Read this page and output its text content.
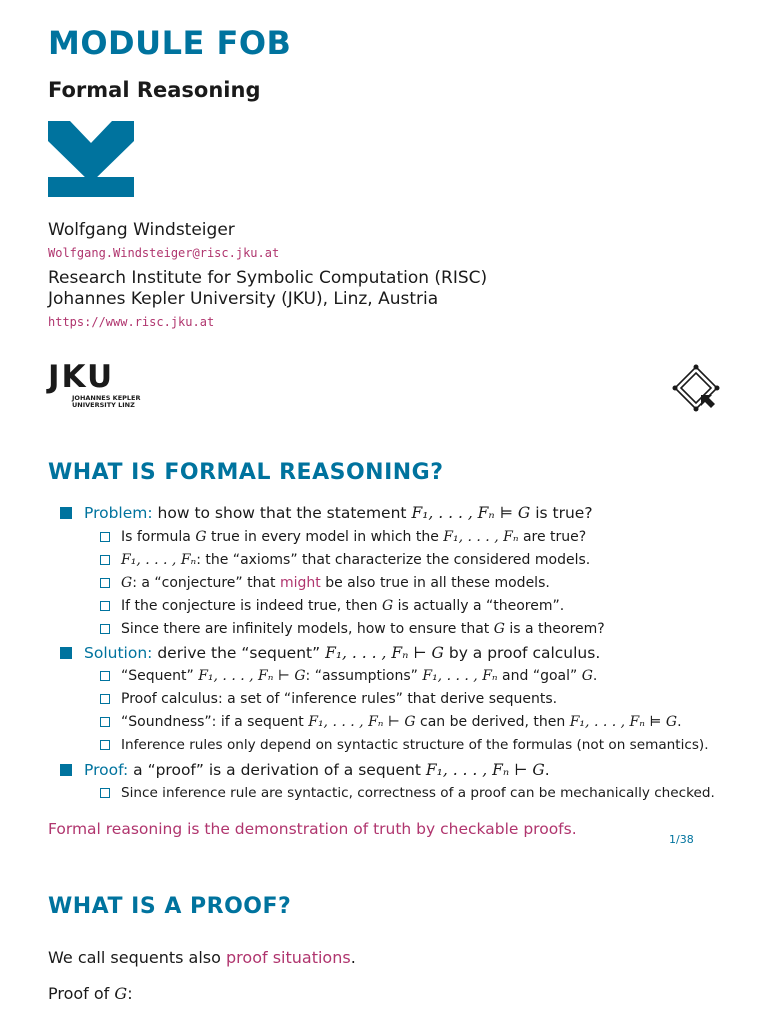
MODULE FOB
Formal Reasoning
Wolfgang Windsteiger
Wolfgang.Windsteiger@risc.jku.at
Research Institute for Symbolic Computation (RISC)
Johannes Kepler University (JKU), Linz, Austria
https://www.risc.jku.at
JKU
JOHANNES KEPLER
UNIVERSITY LINZ
WHAT IS FORMAL REASONING?
Problem: how to show that the statement F₁, . . . , Fₙ ⊨ G is true?
Is formula G true in every model in which the F₁, . . . , Fₙ are true?
F₁, . . . , Fₙ: the “axioms” that characterize the considered models.
G: a “conjecture” that might be also true in all these models.
If the conjecture is indeed true, then G is actually a “theorem”.
Since there are infinitely models, how to ensure that G is a theorem?
Solution: derive the “sequent” F₁, . . . , Fₙ ⊢ G by a proof calculus.
“Sequent” F₁, . . . , Fₙ ⊢ G: “assumptions” F₁, . . . , Fₙ and “goal” G.
Proof calculus: a set of “inference rules” that derive sequents.
“Soundness”: if a sequent F₁, . . . , Fₙ ⊢ G can be derived, then F₁, . . . , Fₙ ⊨ G.
Inference rules only depend on syntactic structure of the formulas (not on semantics).
Proof: a “proof” is a derivation of a sequent F₁, . . . , Fₙ ⊢ G.
Since inference rule are syntactic, correctness of a proof can be mechanically checked.
Formal reasoning is the demonstration of truth by checkable proofs.
1/38
WHAT IS A PROOF?
We call sequents also proof situations.
Proof of G:
